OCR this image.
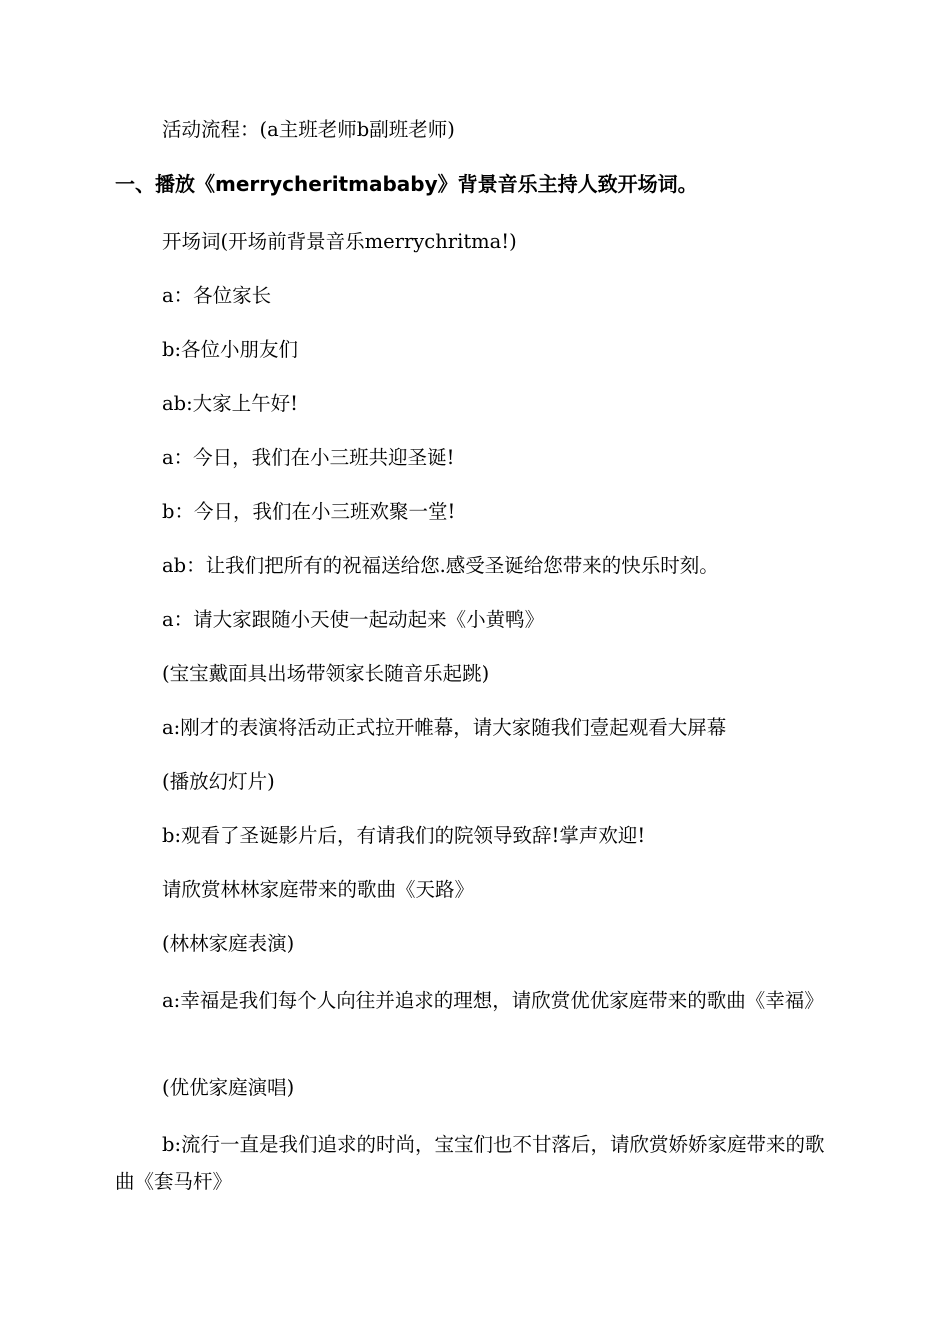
活动流程：(a主班老师b副班老师)
一、播放《merrycheritmababy》背景音乐主持人致开场词。
开场词(开场前背景音乐merrychritma!)
a：各位家长
b:各位小朋友们
ab:大家上午好!
a：今日，我们在小三班共迎圣诞!
b：今日，我们在小三班欢聚一堂!
ab：让我们把所有的祝福送给您.感受圣诞给您带来的快乐时刻。
a：请大家跟随小天使一起动起来《小黄鸭》
(宝宝戴面具出场带领家长随音乐起跳)
a:刚才的表演将活动正式拉开帷幕，请大家随我们壹起观看大屏幕
(播放幻灯片)
b:观看了圣诞影片后，有请我们的院领导致辞!掌声欢迎!
请欣赏林林家庭带来的歌曲《天路》
(林林家庭表演)
a:幸福是我们每个人向往并追求的理想，请欣赏优优家庭带来的歌曲《幸福》
(优优家庭演唱)
b:流行一直是我们追求的时尚，宝宝们也不甘落后，请欣赏娇娇家庭带来的歌曲《套马杆》
